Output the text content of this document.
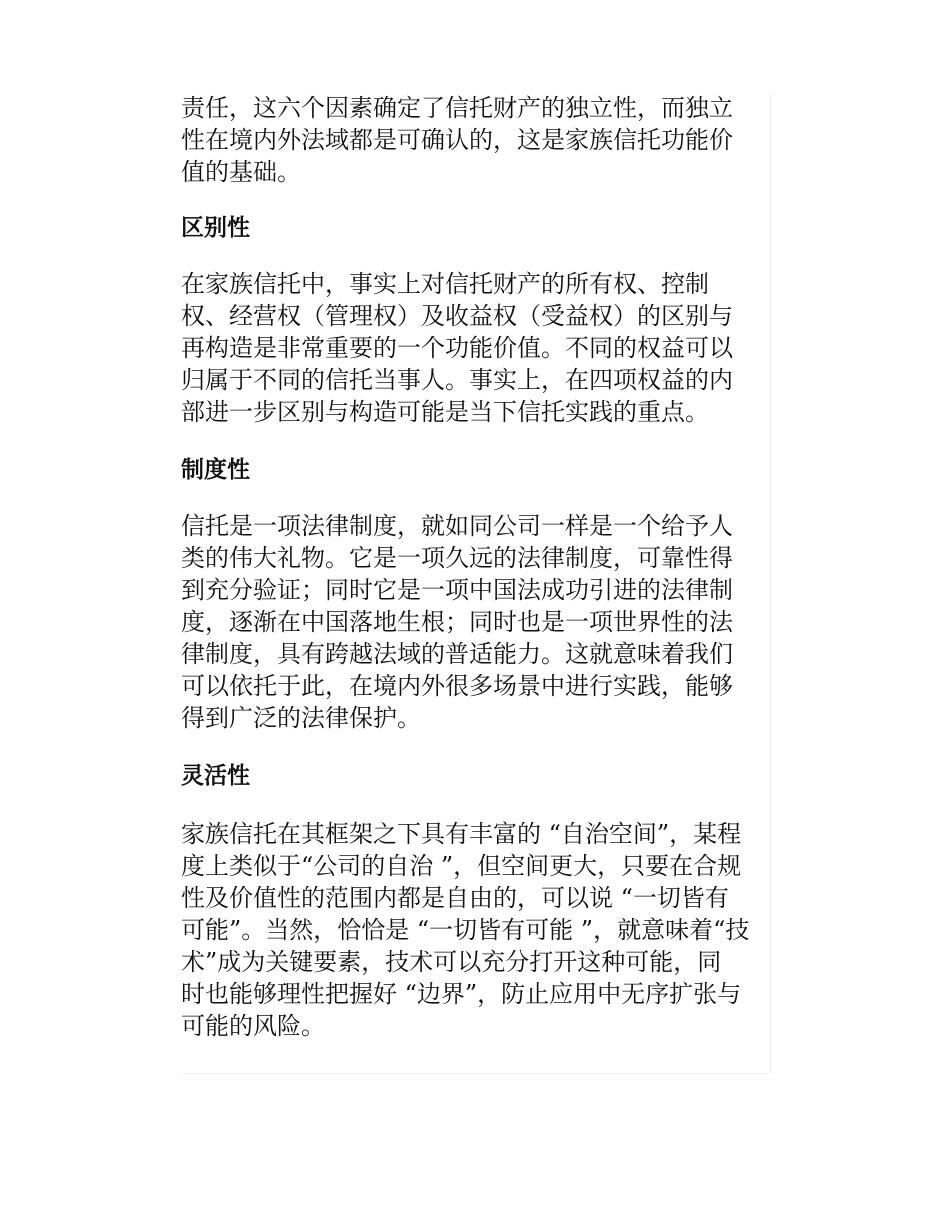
责任，这六个因素确定了信托财产的独立性，而独立
性在境内外法域都是可确认的，这是家族信托功能价
值的基础。

区别性

在家族信托中，事实上对信托财产的所有权、控制
权、经营权（管理权）及收益权（受益权）的区别与
再构造是非常重要的一个功能价值。不同的权益可以
归属于不同的信托当事人。事实上，在四项权益的内
部进一步区别与构造可能是当下信托实践的重点。

制度性

信托是一项法律制度，就如同公司一样是一个给予人
类的伟大礼物。它是一项久远的法律制度，可靠性得
到充分验证；同时它是一项中国法成功引进的法律制
度，逐渐在中国落地生根；同时也是一项世界性的法
律制度，具有跨越法域的普适能力。这就意味着我们
可以依托于此，在境内外很多场景中进行实践，能够
得到广泛的法律保护。

灵活性

家族信托在其框架之下具有丰富的 “自治空间”，某程
度上类似于“公司的自治 ”，但空间更大，只要在合规
性及价值性的范围内都是自由的，可以说 “一切皆有
可能”。当然，恰恰是 “一切皆有可能 ”，就意味着“技
术”成为关键要素，技术可以充分打开这种可能，同
时也能够理性把握好 “边界”，防止应用中无序扩张与
可能的风险。
